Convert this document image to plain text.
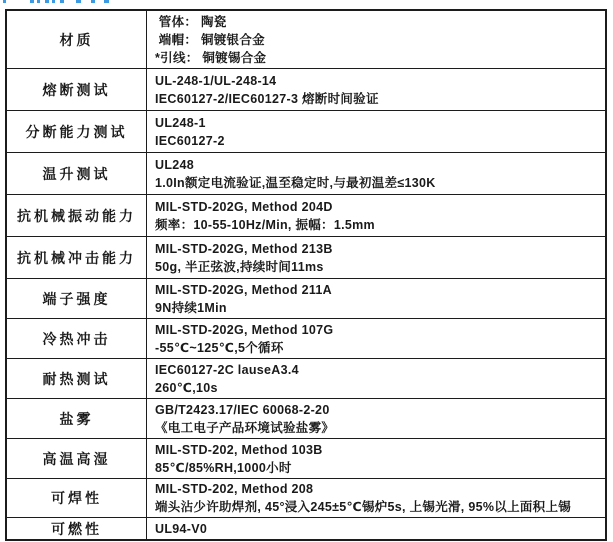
材质
管体： 陶瓷
端帽： 铜镀银合金
*引线： 铜镀锡合金
熔断测试
UL-248-1/UL-248-14
IEC60127-2/IEC60127-3 熔断时间验证
分断能力测试
UL248-1
IEC60127-2
温升测试
UL248
1.0In额定电流验证,温至稳定时,与最初温差≤130K
抗机械振动能力
MIL-STD-202G, Method 204D
频率：10-55-10Hz/Min, 振幅：1.5mm
抗机械冲击能力
MIL-STD-202G, Method 213B
50g, 半正弦波,持续时间11ms
端子强度
MIL-STD-202G, Method 211A
9N持续1Min
冷热冲击
MIL-STD-202G, Method 107G
-55℃~125℃,5个循环
耐热测试
IEC60127-2C lauseA3.4
260℃,10s
盐雾
GB/T2423.17/IEC 60068-2-20
《电工电子产品环境试验盐雾》
高温高湿
MIL-STD-202, Method 103B
85℃/85%RH,1000小时
可焊性
MIL-STD-202, Method 208
端头沾少许助焊剂, 45°浸入245±5℃锡炉5s, 上锡光滑, 95%以上面积上锡
可燃性	UL94-V0
